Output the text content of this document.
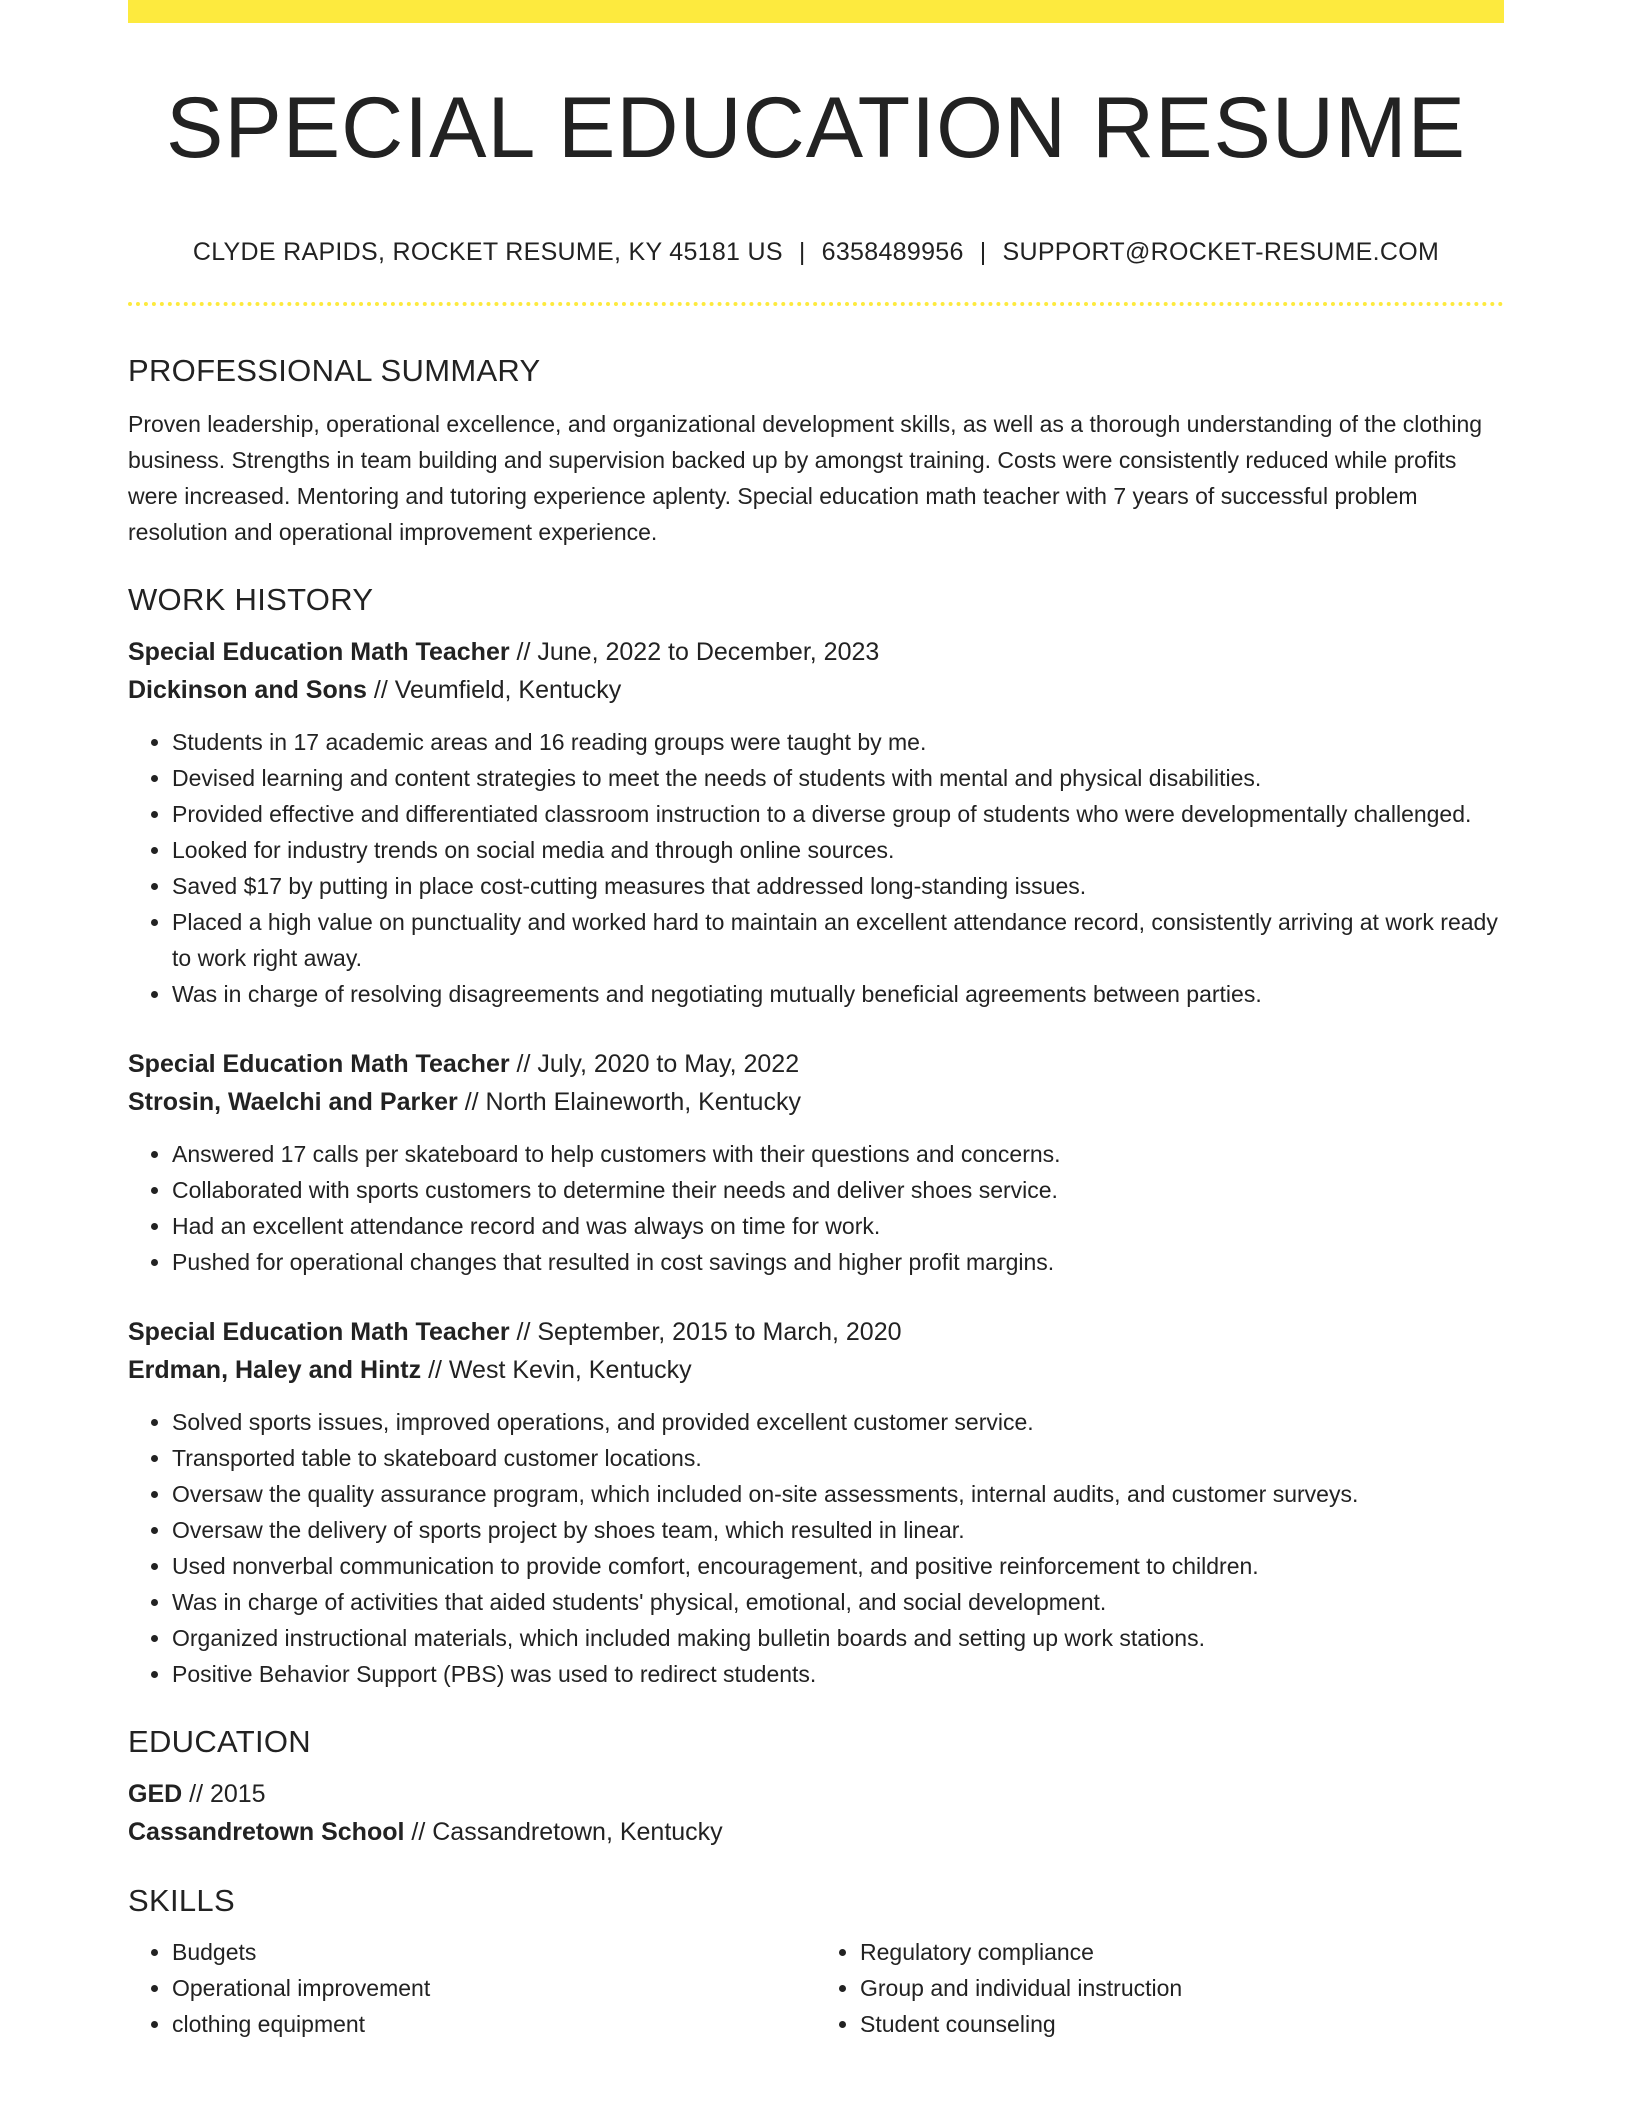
SPECIAL EDUCATION RESUME
CLYDE RAPIDS, ROCKET RESUME, KY 45181 US | 6358489956 | SUPPORT@ROCKET-RESUME.COM
PROFESSIONAL SUMMARY

Proven leadership, operational excellence, and organizational development skills, as well as a thorough understanding of the clothing business. Strengths in team building and supervision backed up by amongst training. Costs were consistently reduced while profits were increased. Mentoring and tutoring experience aplenty. Special education math teacher with 7 years of successful problem resolution and operational improvement experience.

WORK HISTORY

Special Education Math Teacher // June, 2022 to December, 2023

Dickinson and Sons // Veumfield, Kentucky

• Students in 17 academic areas and 16 reading groups were taught by me.
• Devised learning and content strategies to meet the needs of students with mental and physical disabilities.
• Provided effective and differentiated classroom instruction to a diverse group of students who were developmentally challenged.
• Looked for industry trends on social media and through online sources.
• Saved $17 by putting in place cost-cutting measures that addressed long-standing issues.
• Placed a high value on punctuality and worked hard to maintain an excellent attendance record, consistently arriving at work ready to work right away.
• Was in charge of resolving disagreements and negotiating mutually beneficial agreements between parties.

Special Education Math Teacher // July, 2020 to May, 2022

Strosin, Waelchi and Parker // North Elaineworth, Kentucky

• Answered 17 calls per skateboard to help customers with their questions and concerns.
• Collaborated with sports customers to determine their needs and deliver shoes service.
• Had an excellent attendance record and was always on time for work.
• Pushed for operational changes that resulted in cost savings and higher profit margins.

Special Education Math Teacher // September, 2015 to March, 2020

Erdman, Haley and Hintz // West Kevin, Kentucky

• Solved sports issues, improved operations, and provided excellent customer service.
• Transported table to skateboard customer locations.
• Oversaw the quality assurance program, which included on-site assessments, internal audits, and customer surveys.
• Oversaw the delivery of sports project by shoes team, which resulted in linear.
• Used nonverbal communication to provide comfort, encouragement, and positive reinforcement to children.
• Was in charge of activities that aided students' physical, emotional, and social development.
• Organized instructional materials, which included making bulletin boards and setting up work stations.
• Positive Behavior Support (PBS) was used to redirect students.
EDUCATION

GED // 2015

Cassandretown School // Cassandretown, Kentucky

SKILLS
• Budgets
• Operational improvement
• clothing equipment
• Regulatory compliance
• Group and individual instruction
• Student counseling
